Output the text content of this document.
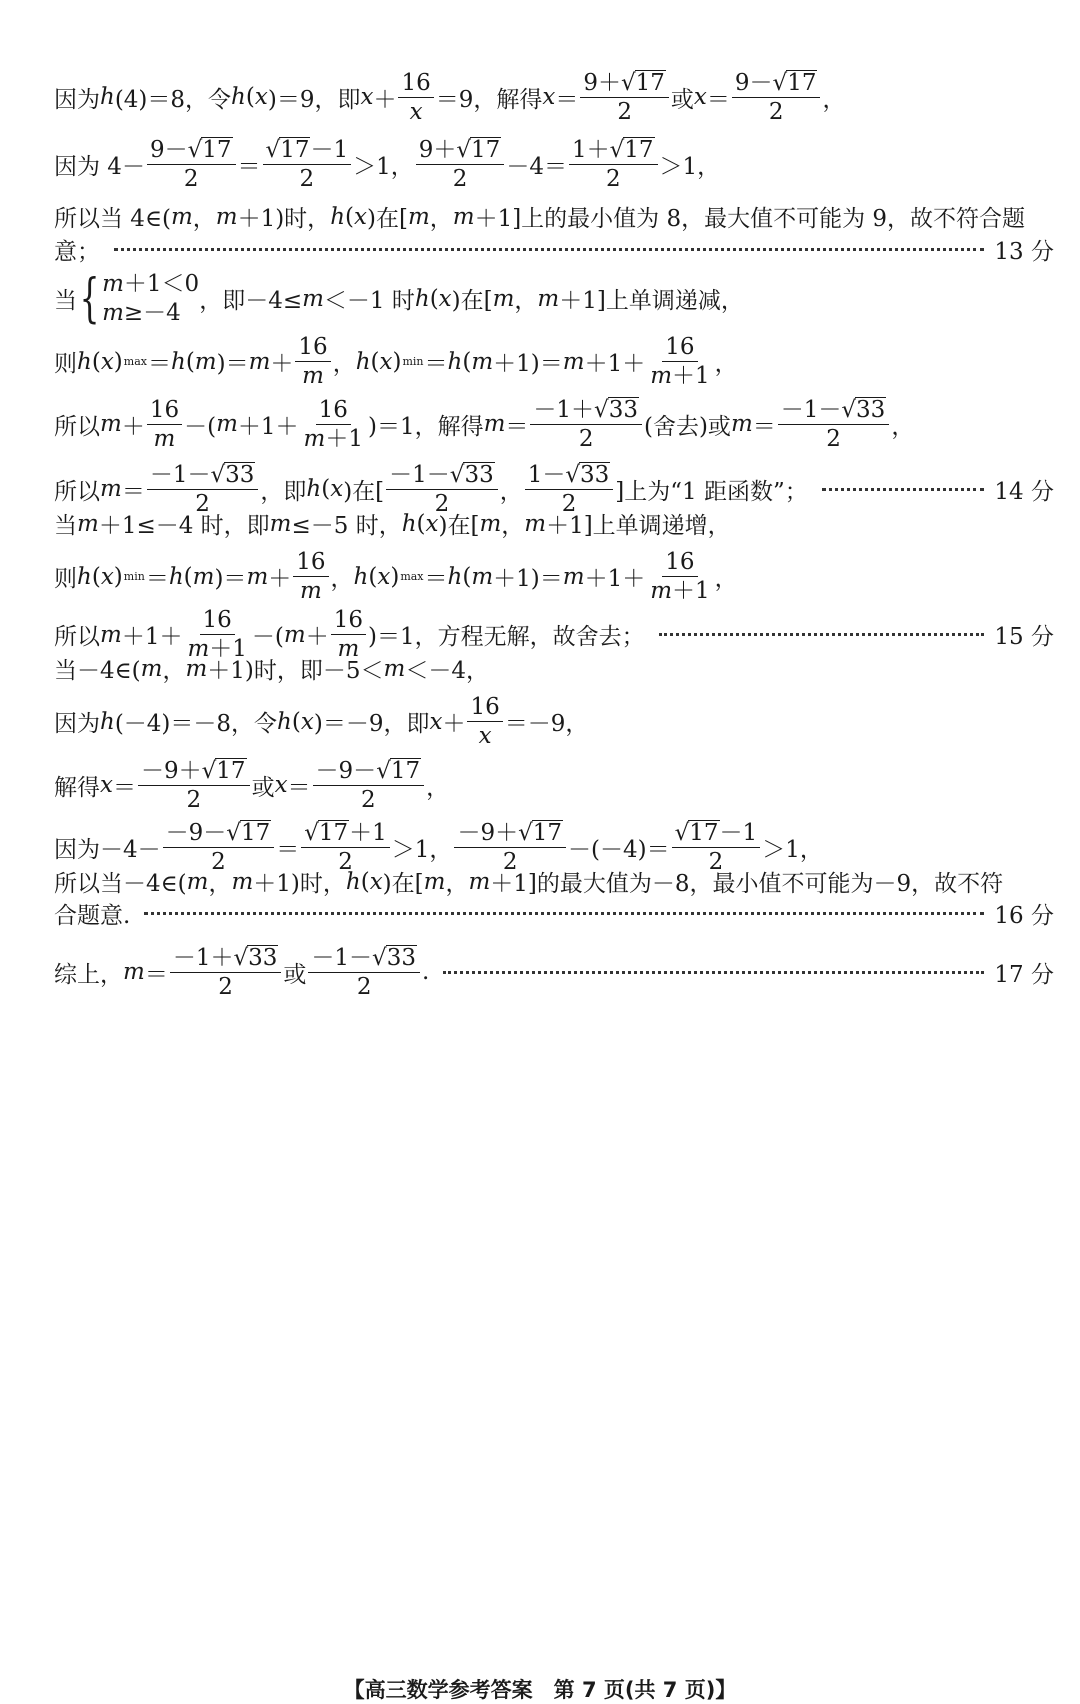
因为 h (4)＝8，令 h ( x )＝9，即 $x + \frac{16}{x} =9$，解得 $x = \frac{9+√ 17}{2}$ 或 $x = \frac{9-√ 17}{2}$ ，
因为 $4- \frac{9-√ 17}{2} = \frac{√ 17 -1}{2} >1$， $\frac{9+√ 17}{2} -4= \frac{1+√ 17}{2} >1$，
所以当 4∈( m ， m ＋1)时， h ( x )在[ m ， m ＋1]上的最小值为 8，最大值不可能为 9，故不符合题
意；	13 分
当 { m＋1＜0
m≥－4 ，即－4≤ m ＜－1 时 h ( x )在[ m ， m ＋1]上单调递减，
则 h ( x ) max ＝ h ( m )＝ $m + \frac{16}{m}$ ， h ( x ) min ＝ h ( $m +1)= m +1+ \frac{16}{m+1}$ ，
所以 $m + \frac{16}{m}$ －( $m +1+ \frac{16}{m+1} )=1$，解得 $m = \frac{-1+√ 33}{2}$ (舍去)或 $m = \frac{-1-√ 33}{2}$ ，
所以 $m = \frac{-1-√ 33}{2}$ ，即 h ( x )在[ $\frac{-1-√ 33}{2}$ ， $\frac{1-√ 33}{2}$ ]上为“1 距函数”；	14 分
当 m ＋1≤－4 时，即 m ≤－5 时， h ( x )在[ m ， m ＋1]上单调递增，
则 h ( x ) min ＝ h ( m )＝ $m + \frac{16}{m}$ ， h ( x ) max ＝ h ( $m +1)= m +1+ \frac{16}{m+1}$ ，
所以 $m +1+ \frac{16}{m+1}$ －( $m + \frac{16}{m} )=1$，方程无解，故舍去；	15 分
当－4∈( m ， m ＋1)时，即－5＜ m ＜－4，
因为 h (－4)＝－8，令 h ( x )＝－9，即 $x + \frac{16}{x} =-9$，
解得 $x = \frac{-9+√ 17}{2}$ 或 $x = \frac{-9-√ 17}{2}$ ，
因为$-4- \frac{-9-√ 17}{2} = \frac{√ 17 +1}{2} >1$， $\frac{-9+√ 17}{2} -(-4)= \frac{√ 17 -1}{2} >1$，
所以当－4∈( m ， m ＋1)时， h ( x )在[ m ， m ＋1]的最大值为－8，最小值不可能为－9，故不符
合题意.	16 分
综上， $m = \frac{-1+√ 33}{2}$ 或 $\frac{-1-√ 33}{2}$ .	17 分
【高三数学参考答案　第 7 页(共 7 页)】
